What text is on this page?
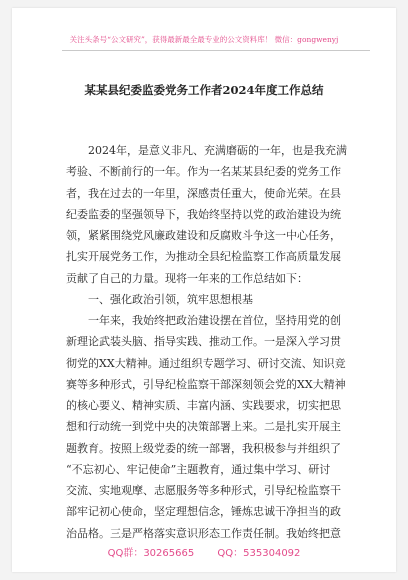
关注头条号“公文研究”，获得最新最全最专业的公文资料库！ 微信：gongwenyj
某某县纪委监委党务工作者2024年度工作总结
2024年，是意义非凡、充满磨砺的一年，也是我充满
考验、不断前行的一年。作为一名某某县纪委的党务工作
者，我在过去的一年里，深感责任重大，使命光荣。在县
纪委监委的坚强领导下，我始终坚持以党的政治建设为统
领，紧紧围绕党风廉政建设和反腐败斗争这一中心任务，
扎实开展党务工作，为推动全县纪检监察工作高质量发展
贡献了自己的力量。现将一年来的工作总结如下：
一、强化政治引领，筑牢思想根基
一年来，我始终把政治建设摆在首位，坚持用党的创
新理论武装头脑、指导实践、推动工作。一是深入学习贯
彻党的XX大精神。通过组织专题学习、研讨交流、知识竞
赛等多种形式，引导纪检监察干部深刻领会党的XX大精神
的核心要义、精神实质、丰富内涵、实践要求，切实把思
想和行动统一到党中央的决策部署上来。二是扎实开展主
题教育。按照上级党委的统一部署，我积极参与并组织了
“不忘初心、牢记使命”主题教育，通过集中学习、研讨
交流、实地观摩、志愿服务等多种形式，引导纪检监察干
部牢记初心使命，坚定理想信念，锤炼忠诚干净担当的政
治品格。三是严格落实意识形态工作责任制。我始终把意
QQ群：30265665 QQ：535304092
